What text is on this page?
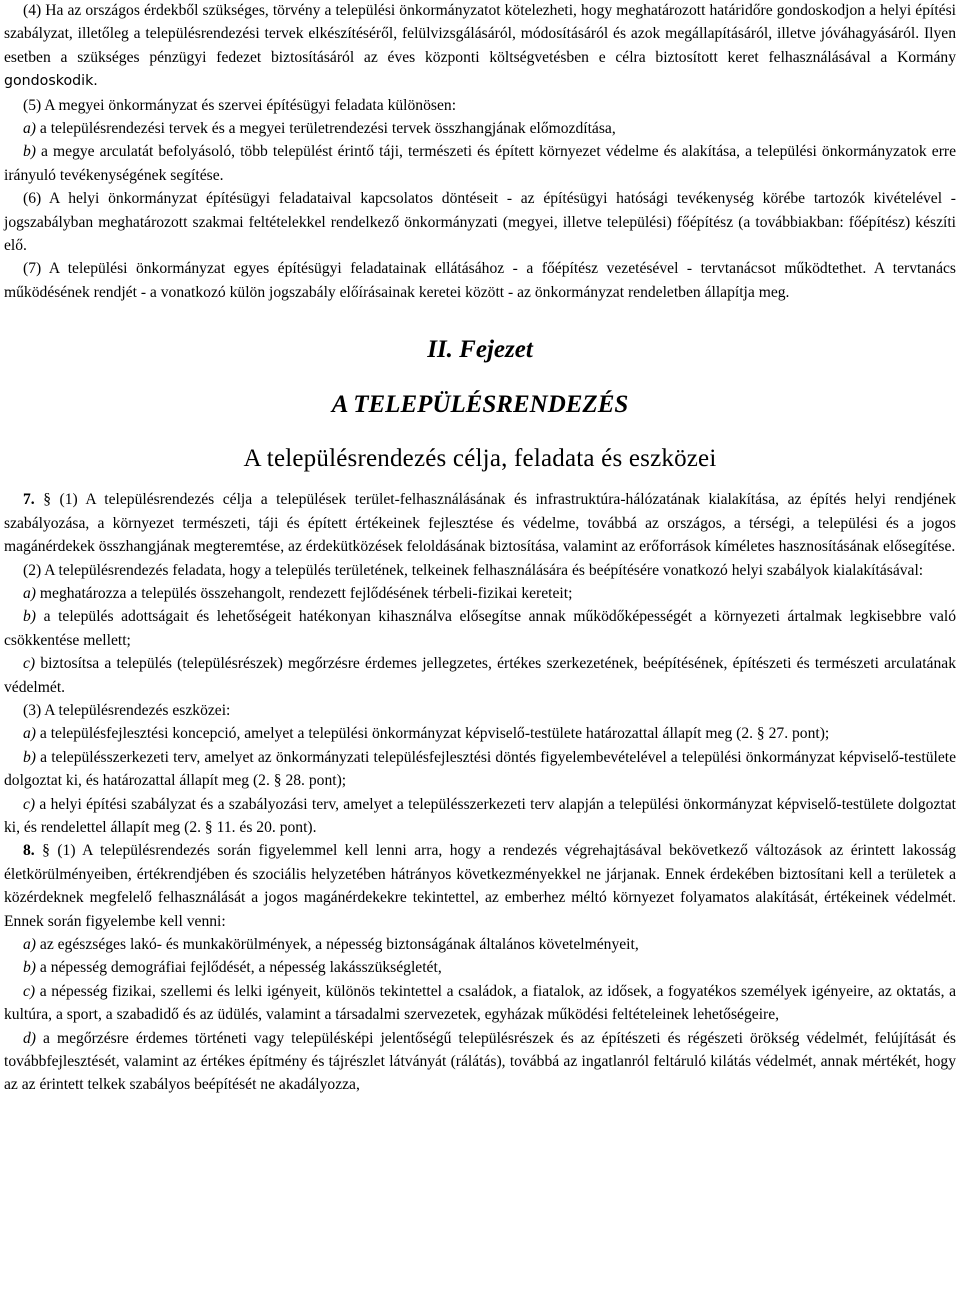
(4) Ha az országos érdekből szükséges, törvény a települési önkormányzatot kötelezheti, hogy meghatározott határidőre gondoskodjon a helyi építési szabályzat, illetőleg a településrendezési tervek elkészítéséről, felülvizsgálásáról, módosításáról és azok megállapításáról, illetve jóváhagyásáról. Ilyen esetben a szükséges pénzügyi fedezet biztosításáról az éves központi költségvetésben e célra biztosított keret felhasználásával a Kormány gondoskodik.

(5) A megyei önkormányzat és szervei építésügyi feladata különösen:

a) a településrendezési tervek és a megyei területrendezési tervek összhangjának előmozdítása,

b) a megye arculatát befolyásoló, több települést érintő táji, természeti és épített környezet védelme és alakítása, a települési önkormányzatok erre irányuló tevékenységének segítése.

(6) A helyi önkormányzat építésügyi feladataival kapcsolatos döntéseit - az építésügyi hatósági tevékenység körébe tartozók kivételével - jogszabályban meghatározott szakmai feltételekkel rendelkező önkormányzati (megyei, illetve települési) főépítész (a továbbiakban: főépítész) készíti elő.

(7) A települési önkormányzat egyes építésügyi feladatainak ellátásához - a főépítész vezetésével - tervtanácsot működtethet. A tervtanács működésének rendjét - a vonatkozó külön jogszabály előírásainak keretei között - az önkormányzat rendeletben állapítja meg.

II. Fejezet
A TELEPÜLÉSRENDEZÉS
A településrendezés célja, feladata és eszközei

7. § (1) A településrendezés célja a települések terület-felhasználásának és infrastruktúra-hálózatának kialakítása, az építés helyi rendjének szabályozása, a környezet természeti, táji és épített értékeinek fejlesztése és védelme, továbbá az országos, a térségi, a települési és a jogos magánérdekek összhangjának megteremtése, az érdekütközések feloldásának biztosítása, valamint az erőforrások kíméletes hasznosításának elősegítése.

(2) A településrendezés feladata, hogy a település területének, telkeinek felhasználására és beépítésére vonatkozó helyi szabályok kialakításával:

a) meghatározza a település összehangolt, rendezett fejlődésének térbeli-fizikai kereteit;

b) a település adottságait és lehetőségeit hatékonyan kihasználva elősegítse annak működőképességét a környezeti ártalmak legkisebbre való csökkentése mellett;

c) biztosítsa a település (településrészek) megőrzésre érdemes jellegzetes, értékes szerkezetének, beépítésének, építészeti és természeti arculatának védelmét.

(3) A településrendezés eszközei:

a) a településfejlesztési koncepció, amelyet a települési önkormányzat képviselő-testülete határozattal állapít meg (2. § 27. pont);

b) a településszerkezeti terv, amelyet az önkormányzati településfejlesztési döntés figyelembevételével a települési önkormányzat képviselő-testülete dolgoztat ki, és határozattal állapít meg (2. § 28. pont);

c) a helyi építési szabályzat és a szabályozási terv, amelyet a településszerkezeti terv alapján a települési önkormányzat képviselő-testülete dolgoztat ki, és rendelettel állapít meg (2. § 11. és 20. pont).

8. § (1) A településrendezés során figyelemmel kell lenni arra, hogy a rendezés végrehajtásával bekövetkező változások az érintett lakosság életkörülményeiben, értékrendjében és szociális helyzetében hátrányos következményekkel ne járjanak. Ennek érdekében biztosítani kell a területek a közérdeknek megfelelő felhasználását a jogos magánérdekekre tekintettel, az emberhez méltó környezet folyamatos alakítását, értékeinek védelmét. Ennek során figyelembe kell venni:

a) az egészséges lakó- és munkakörülmények, a népesség biztonságának általános követelményeit,

b) a népesség demográfiai fejlődését, a népesség lakásszükségletét,

c) a népesség fizikai, szellemi és lelki igényeit, különös tekintettel a családok, a fiatalok, az idősek, a fogyatékos személyek igényeire, az oktatás, a kultúra, a sport, a szabadidő és az üdülés, valamint a társadalmi szervezetek, egyházak működési feltételeinek lehetőségeire,

d) a megőrzésre érdemes történeti vagy településképi jelentőségű településrészek és az építészeti és régészeti örökség védelmét, felújítását és továbbfejlesztését, valamint az értékes építmény és tájrészlet látványát (rálátás), továbbá az ingatlanról feltáruló kilátás védelmét, annak mértékét, hogy az az érintett telkek szabályos beépítését ne akadályozza,
